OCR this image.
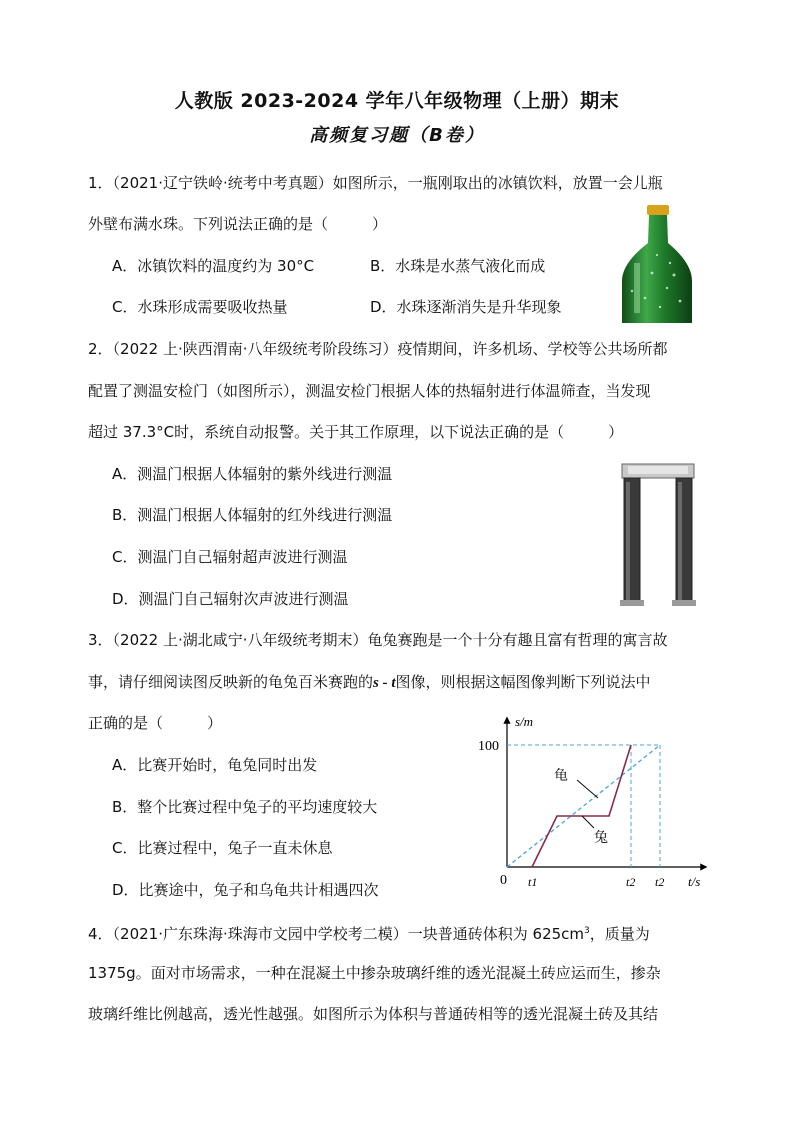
人教版 2023-2024 学年八年级物理（上册）期末
高频复习题（B卷）
1．（2021·辽宁铁岭·统考中考真题）如图所示，一瓶刚取出的冰镇饮料，放置一会儿瓶
外壁布满水珠。下列说法正确的是（	）
A．冰镇饮料的温度约为 30°C	B．水珠是水蒸气液化而成
C．水珠形成需要吸收热量	D．水珠逐渐消失是升华现象
2．（2022 上·陕西渭南·八年级统考阶段练习）疫情期间，许多机场、学校等公共场所都
配置了测温安检门（如图所示），测温安检门根据人体的热辐射进行体温筛查，当发现
超过 37.3°C时，系统自动报警。关于其工作原理，以下说法正确的是（	）
A．测温门根据人体辐射的紫外线进行测温
B．测温门根据人体辐射的红外线进行测温
C．测温门自己辐射超声波进行测温
D．测温门自己辐射次声波进行测温
3．（2022 上·湖北咸宁·八年级统考期末）龟兔赛跑是一个十分有趣且富有哲理的寓言故
事，请仔细阅读图反映新的龟兔百米赛跑的s - t图像，则根据这幅图像判断下列说法中
正确的是（	）
A．比赛开始时，龟兔同时出发
B．整个比赛过程中兔子的平均速度较大
C．比赛过程中，兔子一直未休息
D．比赛途中，兔子和乌龟共计相遇四次
s/m
100
0 t1	t2 t2 t/s
龟
兔
4．（2021·广东珠海·珠海市文园中学校考二模）一块普通砖体积为 $625cm^3$，质量为
1375g。面对市场需求，一种在混凝土中掺杂玻璃纤维的透光混凝土砖应运而生，掺杂
玻璃纤维比例越高，透光性越强。如图所示为体积与普通砖相等的透光混凝土砖及其结
